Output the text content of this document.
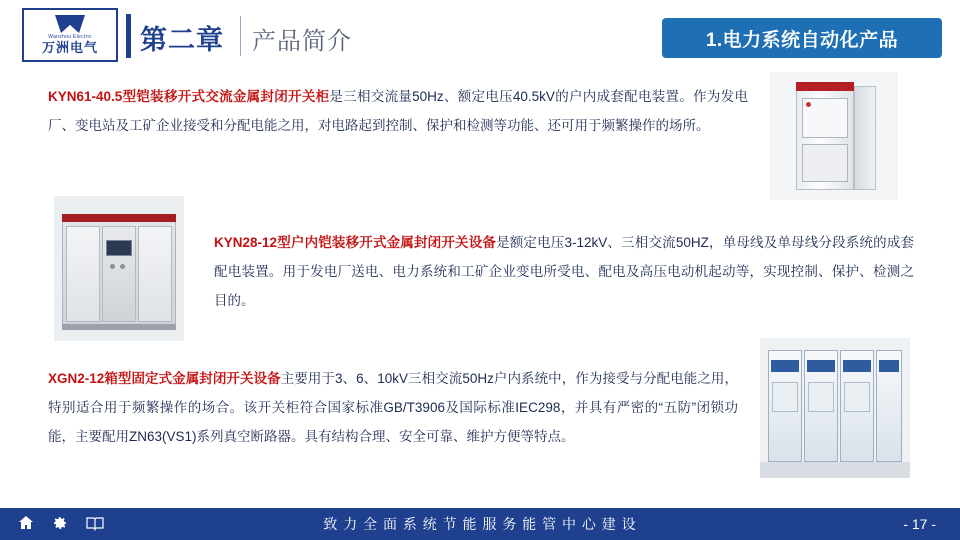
Wanzhou Electric
万洲电气 第二章 产品简介	1.电力系统自动化产品
KYN61-40.5型铠装移开式交流金属封闭开关柜是三相交流量50Hz、额定电压40.5kV的户内成套配电装置。作为发电厂、变电站及工矿企业接受和分配电能之用，对电路起到控制、保护和检测等功能、还可用于频繁操作的场所。
KYN28-12型户内铠装移开式金属封闭开关设备是额定电压3-12kV、三相交流50HZ，单母线及单母线分段系统的成套配电装置。用于发电厂送电、电力系统和工矿企业变电所受电、配电及高压电动机起动等，实现控制、保护、检测之目的。
XGN2-12箱型固定式金属封闭开关设备主要用于3、6、10kV三相交流50Hz户内系统中，作为接受与分配电能之用，特别适合用于频繁操作的场合。该开关柜符合国家标准GB/T3906及国际标准IEC298，并具有严密的“五防”闭锁功能，主要配用ZN63(VS1)系列真空断路器。具有结构合理、安全可靠、维护方便等特点。
致 力 全 面 系 统 节 能 服 务 能 管 中 心 建 设	- 17 -
